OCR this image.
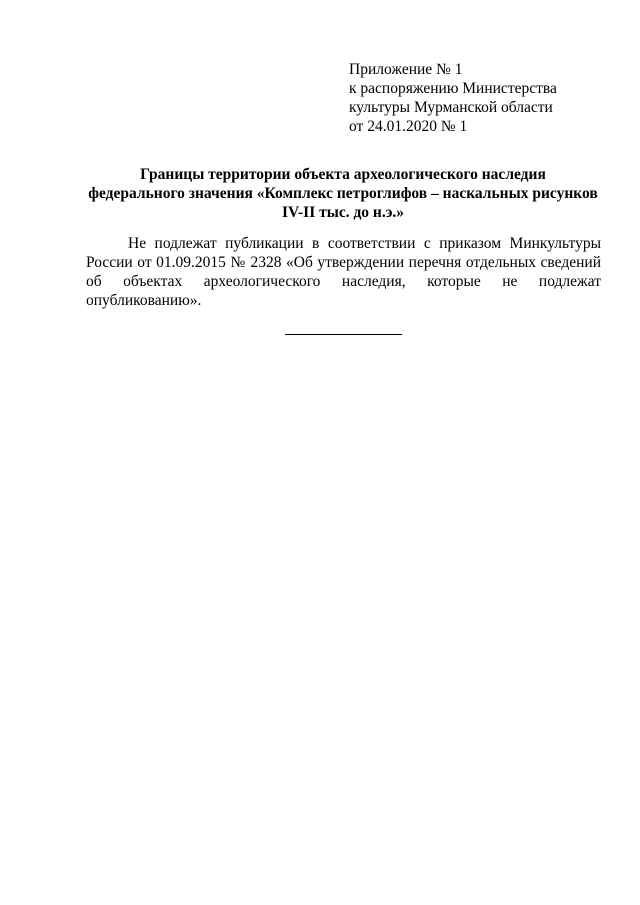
Приложение № 1
к распоряжению Министерства
культуры Мурманской области
от 24.01.2020 № 1
Границы территории объекта археологического наследия
федерального значения «Комплекс петроглифов – наскальных рисунков
IV-II тыс. до н.э.»
Не подлежат публикации в соответствии с приказом Минкультуры России от 01.09.2015 № 2328 «Об утверждении перечня отдельных сведений об объектах археологического наследия, которые не подлежат опубликованию».
